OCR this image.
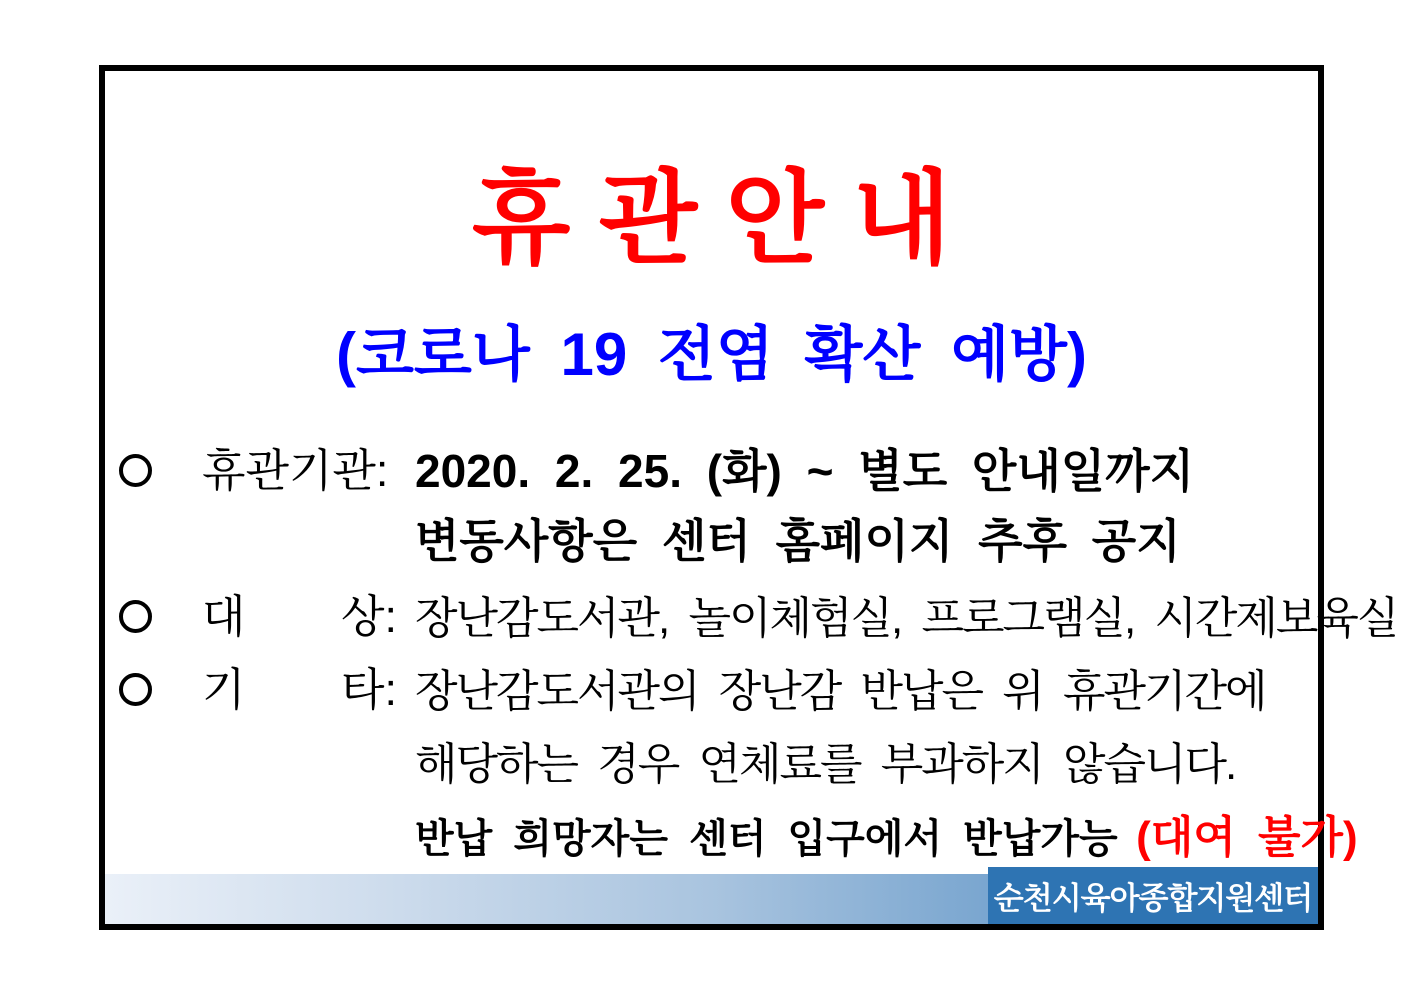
휴 관 안 내
(코로나 19 전염 확산 예방)
휴관기관: 2020. 2. 25. (화) ~ 별도 안내일까지
변동사항은 센터 홈페이지 추후 공지
대 상: 장난감도서관, 놀이체험실, 프로그램실, 시간제보육실
기 타: 장난감도서관의 장난감 반납은 위 휴관기간에
해당하는 경우 연체료를 부과하지 않습니다.
반납 희망자는 센터 입구에서 반납가능 (대여 불가)
순천시육아종합지원센터
